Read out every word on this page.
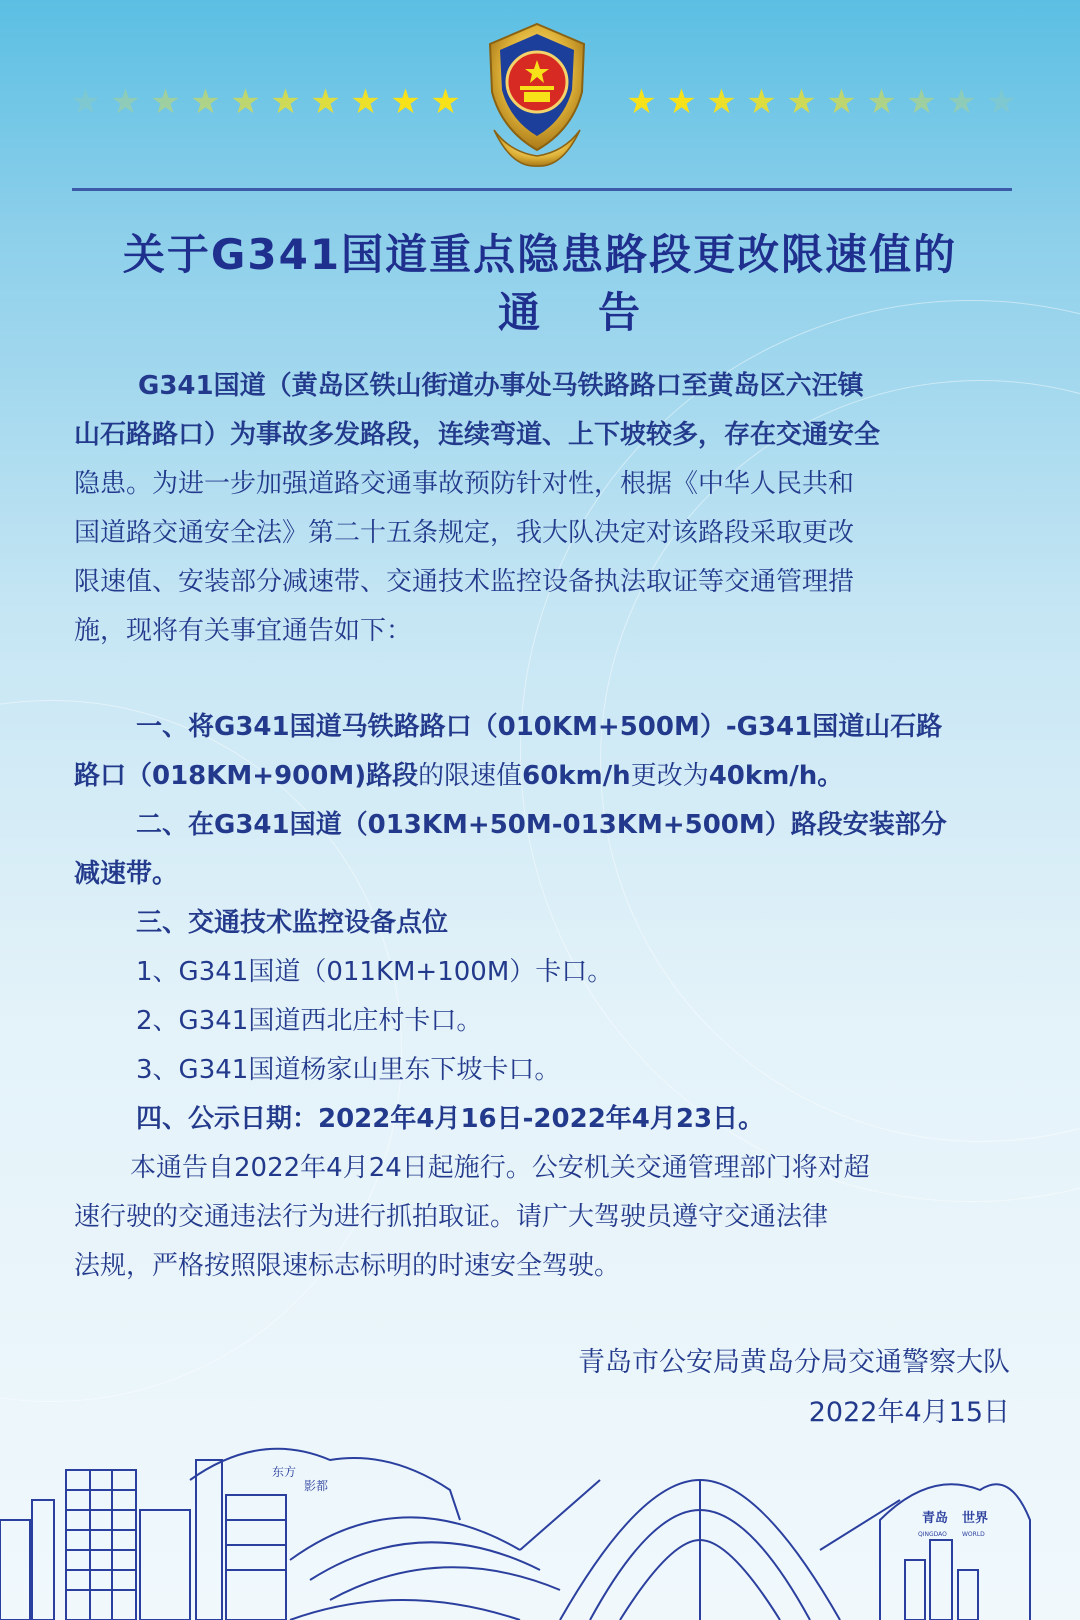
★ ★ ★ ★ ★ ★ ★ ★ ★ ★	★ ★ ★ ★ ★ ★ ★ ★ ★ ★
关于G341国道重点隐患路段更改限速值的
通告
G341国道（黄岛区铁山街道办事处马铁路路口至黄岛区六汪镇
山石路路口）为事故多发路段，连续弯道、上下坡较多，存在交通安全
隐患。为进一步加强道路交通事故预防针对性，根据《中华人民共和
国道路交通安全法》第二十五条规定，我大队决定对该路段采取更改
限速值、安装部分减速带、交通技术监控设备执法取证等交通管理措
施，现将有关事宜通告如下：
一、将G341国道马铁路路口（010KM+500M）-G341国道山石路
路口（018KM+900M)路段的限速值60km/h更改为40km/h。
二、在G341国道（013KM+50M-013KM+500M）路段安装部分
减速带。
三、交通技术监控设备点位
1、G341国道（011KM+100M）卡口。
2、G341国道西北庄村卡口。
3、G341国道杨家山里东下坡卡口。
四、公示日期：2022年4月16日-2022年4月23日。
本通告自2022年4月24日起施行。公安机关交通管理部门将对超
速行驶的交通违法行为进行抓拍取证。请广大驾驶员遵守交通法律
法规，严格按照限速标志标明的时速安全驾驶。
青岛市公安局黄岛分局交通警察大队
2022年4月15日
东方
影都
青岛 世界
QINGDAO	WORLD
